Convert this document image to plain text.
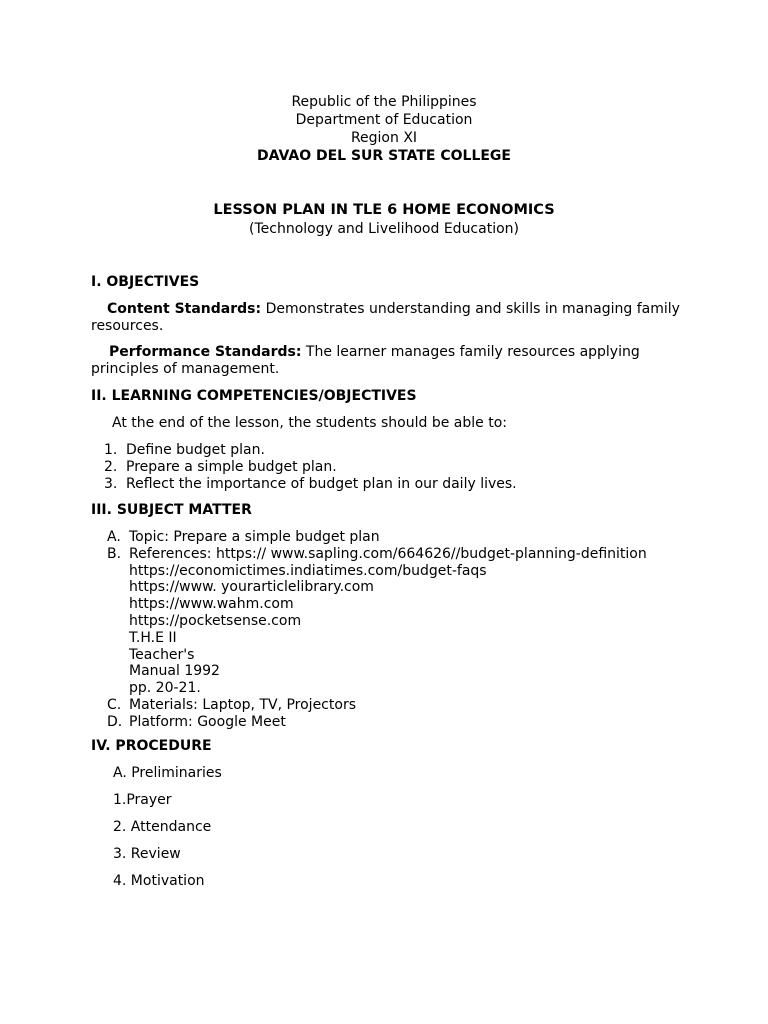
Republic of the Philippines
Department of Education
Region XI
DAVAO DEL SUR STATE COLLEGE
LESSON PLAN IN TLE 6 HOME ECONOMICS
(Technology and Livelihood Education)
I. OBJECTIVES
Content Standards: Demonstrates understanding and skills in managing family resources.
Performance Standards: The learner manages family resources applying principles of management.
II. LEARNING COMPETENCIES/OBJECTIVES
At the end of the lesson, the students should be able to:
1. Define budget plan.
2. Prepare a simple budget plan.
3. Reflect the importance of budget plan in our daily lives.
III. SUBJECT MATTER
A. Topic: Prepare a simple budget plan
B. References: https:// www.sapling.com/664626//budget-planning-definition
https://economictimes.indiatimes.com/budget-faqs
https://www. yourarticlelibrary.com
https://www.wahm.com
https://pocketsense.com
T.H.E II
Teacher's
Manual 1992
pp. 20-21.
C. Materials: Laptop, TV, Projectors
D. Platform: Google Meet
IV. PROCEDURE
A. Preliminaries
1.Prayer
2. Attendance
3. Review
4. Motivation
